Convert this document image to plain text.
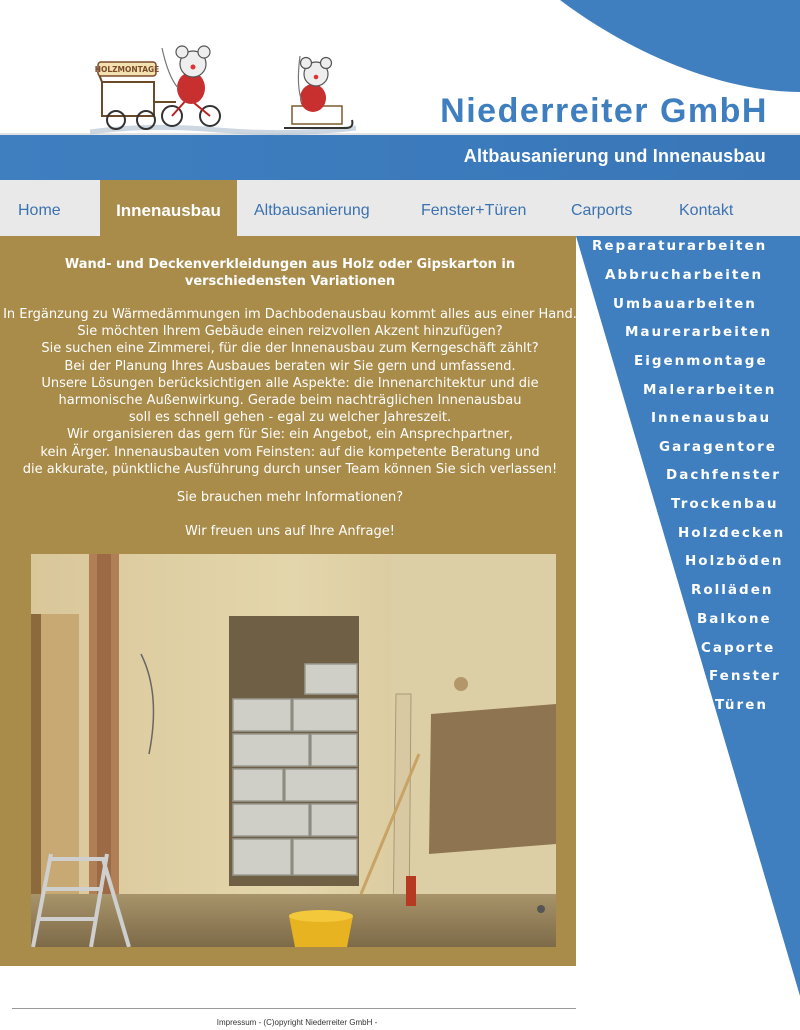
HOLZMONTAGE
Niederreiter GmbH
Altbausanierung und Innenausbau
Home	Innenausbau	Altbausanierung	Fenster+Türen	Carports	Kontakt
Reparaturarbeiten
Abbrucharbeiten
Umbauarbeiten
Maurerarbeiten
Eigenmontage
Malerarbeiten
Innenausbau
Garagentore
Dachfenster
Trockenbau
Holzdecken
Holzböden
Rolläden
Balkone
Caporte
Fenster
Türen
Wand- und Deckenverkleidungen aus Holz oder Gipskarton in
verschiedensten Variationen

In Ergänzung zu Wärmedämmungen im Dachbodenausbau kommt alles aus einer Hand.

Sie möchten Ihrem Gebäude einen reizvollen Akzent hinzufügen?

Sie suchen eine Zimmerei, für die der Innenausbau zum Kerngeschäft zählt?

Bei der Planung Ihres Ausbaues beraten wir Sie gern und umfassend.

Unsere Lösungen berücksichtigen alle Aspekte: die Innenarchitektur und die

harmonische Außenwirkung. Gerade beim nachträglichen Innenausbau

soll es schnell gehen - egal zu welcher Jahreszeit.

Wir organisieren das gern für Sie: ein Angebot, ein Ansprechpartner,

kein Ärger. Innenausbauten vom Feinsten: auf die kompetente Beratung und

die akkurate, pünktliche Ausführung durch unser Team können Sie sich verlassen!

Sie brauchen mehr Informationen?
Wir freuen uns auf Ihre Anfrage!
Impressum - (C)opyright Niederreiter GmbH -
